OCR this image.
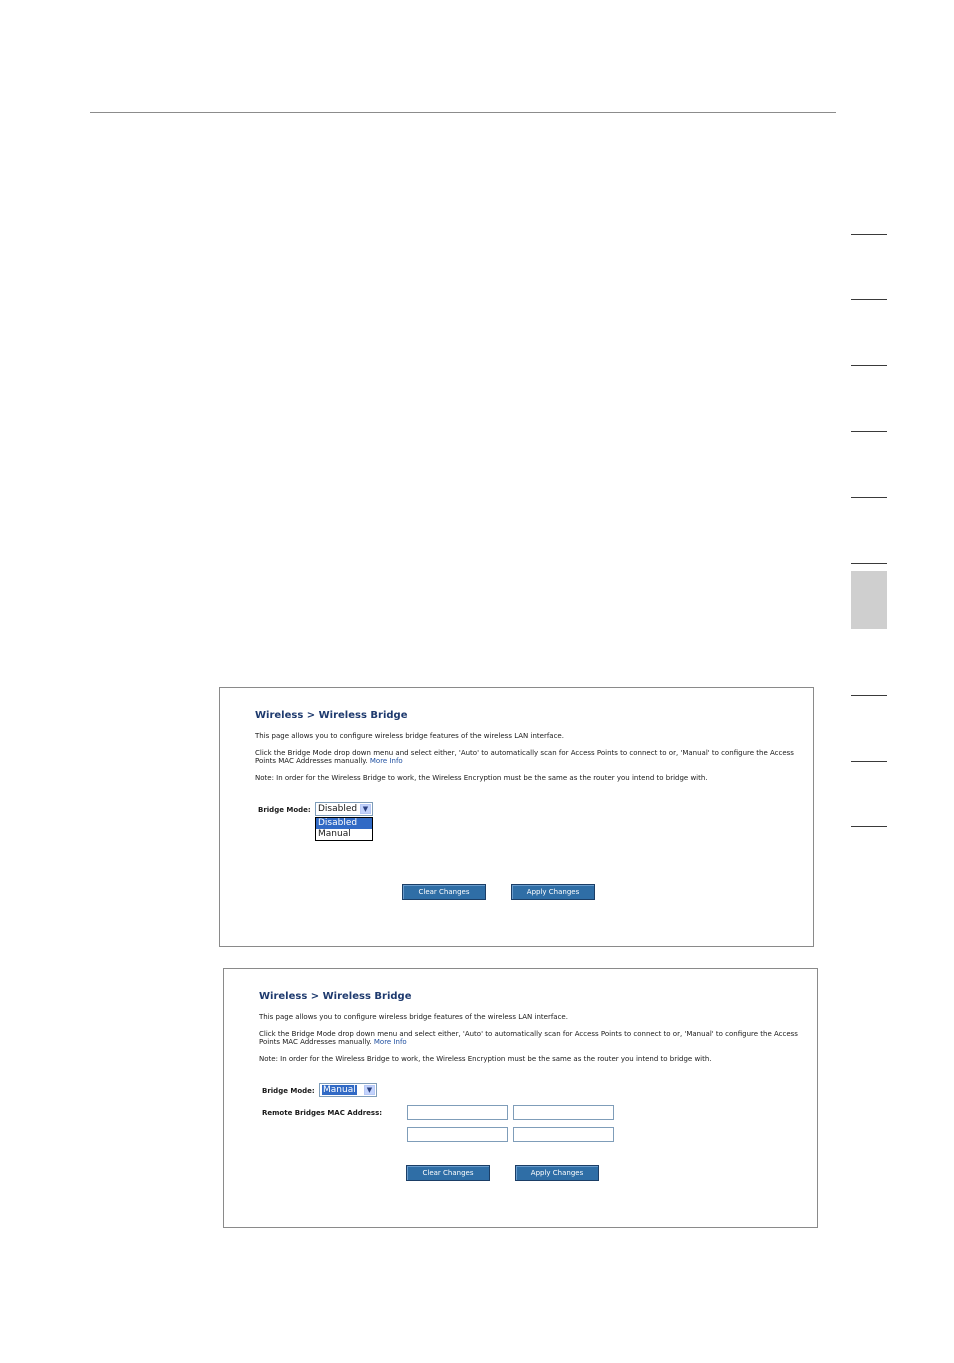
Wireless > Wireless Bridge
This page allows you to configure wireless bridge features of the wireless LAN interface.
Click the Bridge Mode drop down menu and select either, 'Auto' to automatically scan for Access Points to connect to or, 'Manual' to configure the Access Points MAC Addresses manually. More Info
Note: In order for the Wireless Bridge to work, the Wireless Encryption must be the same as the router you intend to bridge with.
Bridge Mode: Disabled ▼
Disabled
Manual
Clear Changes	Apply Changes
Wireless > Wireless Bridge
This page allows you to configure wireless bridge features of the wireless LAN interface.
Click the Bridge Mode drop down menu and select either, 'Auto' to automatically scan for Access Points to connect to or, 'Manual' to configure the Access Points MAC Addresses manually. More Info
Note: In order for the Wireless Bridge to work, the Wireless Encryption must be the same as the router you intend to bridge with.
Bridge Mode: Manual	▼
Remote Bridges MAC Address:
Clear Changes	Apply Changes
